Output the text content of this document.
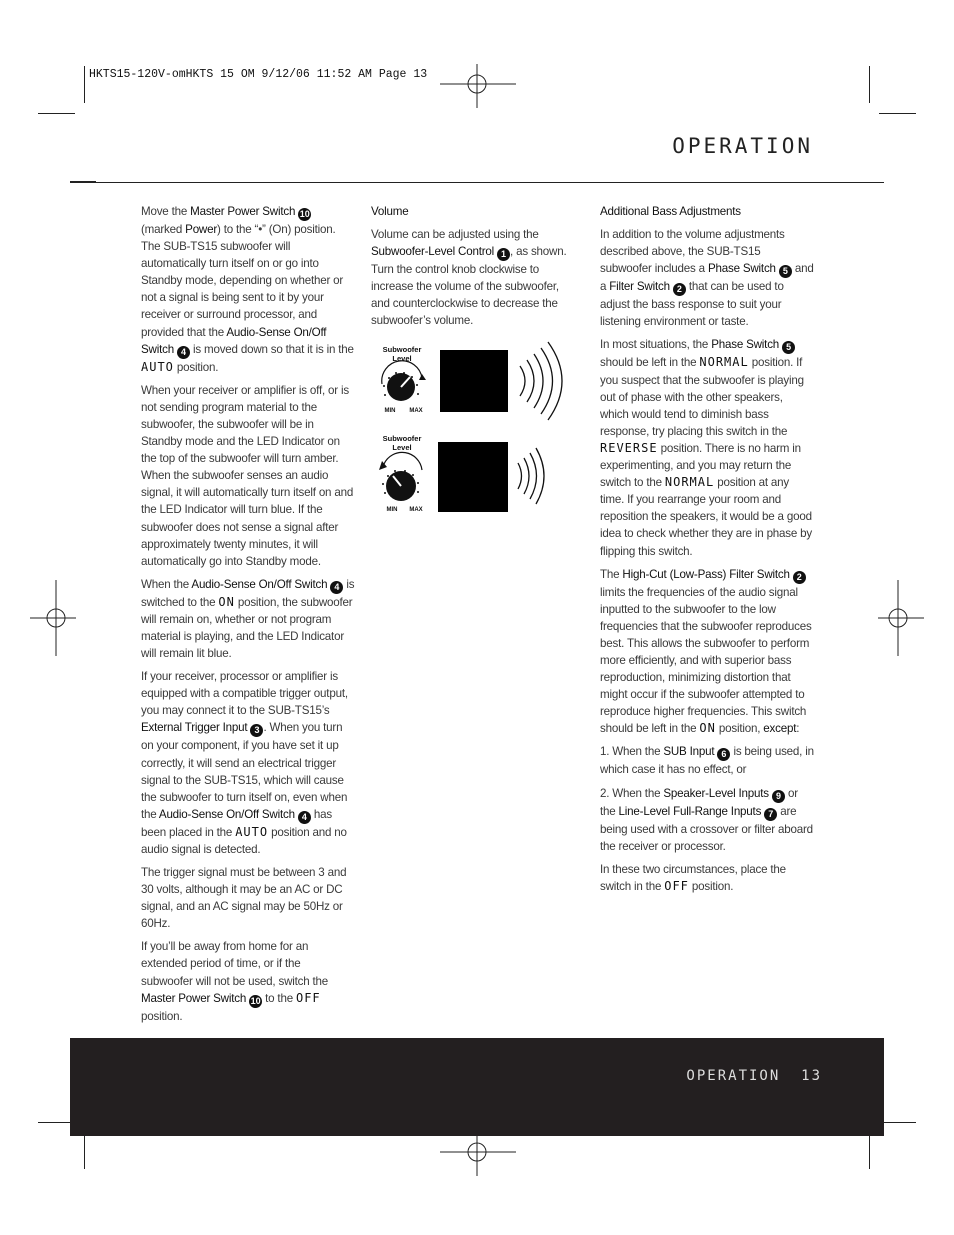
HKTS15-120V-omHKTS 15 OM 9/12/06 11:52 AM Page 13
OPERATION

Move the Master Power Switch 10 (marked Power) to the “•” (On) position. The SUB-TS15 subwoofer will automatically turn itself on or go into Standby mode, depending on whether or not a signal is being sent to it by your receiver or surround processor, and provided that the Audio-Sense On/Off Switch 4 is moved down so that it is in the AUTO position.

When your receiver or amplifier is off, or is not sending program material to the subwoofer, the subwoofer will be in Standby mode and the LED Indicator on the top of the subwoofer will turn amber. When the subwoofer senses an audio signal, it will automatically turn itself on and the LED Indicator will turn blue. If the subwoofer does not sense a signal after approximately twenty minutes, it will automatically go into Standby mode.

When the Audio-Sense On/Off Switch 4 is switched to the ON position, the subwoofer will remain on, whether or not program material is playing, and the LED Indicator will remain lit blue.

If your receiver, processor or amplifier is equipped with a compatible trigger output, you may connect it to the SUB-TS15’s External Trigger Input 3 . When you turn on your component, if you have set it up correctly, it will send an electrical trigger signal to the SUB-TS15, which will cause the subwoofer to turn itself on, even when the Audio-Sense On/Off Switch 4 has been placed in the AUTO position and no audio signal is detected.

The trigger signal must be between 3 and 30 volts, although it may be an AC or DC signal, and an AC signal may be 50Hz or 60Hz.

If you’ll be away from home for an extended period of time, or if the subwoofer will not be used, switch the Master Power Switch 10 to the OFF position.

Volume

Volume can be adjusted using the Subwoofer-Level Control 1 , as shown. Turn the control knob clockwise to increase the volume of the subwoofer, and counterclockwise to decrease the subwoofer’s volume.

Subwoofer
Level
MIN MAX
Subwoofer
Level
MIN MAX

Additional Bass Adjustments

In addition to the volume adjustments described above, the SUB-TS15 subwoofer includes a Phase Switch 5 and a Filter Switch 2 that can be used to adjust the bass response to suit your listening environment or taste.

In most situations, the Phase Switch 5 should be left in the NORMAL position. If you suspect that the subwoofer is playing out of phase with the other speakers, which would tend to diminish bass response, try placing this switch in the REVERSE position. There is no harm in experimenting, and you may return the switch to the NORMAL position at any time. If you rearrange your room and reposition the speakers, it would be a good idea to check whether they are in phase by flipping this switch.

The High-Cut (Low-Pass) Filter Switch 2 limits the frequencies of the audio signal inputted to the subwoofer to the low frequencies that the subwoofer reproduces best. This allows the subwoofer to perform more efficiently, and with superior bass reproduction, minimizing distortion that might occur if the subwoofer attempted to reproduce higher frequencies. This switch should be left in the ON position, except:

1. When the SUB Input 6 is being used, in which case it has no effect, or

2. When the Speaker-Level Inputs 9 or the Line-Level Full-Range Inputs 7 are being used with a crossover or filter aboard the receiver or processor.

In these two circumstances, place the switch in the OFF position.

OPERATION 13
